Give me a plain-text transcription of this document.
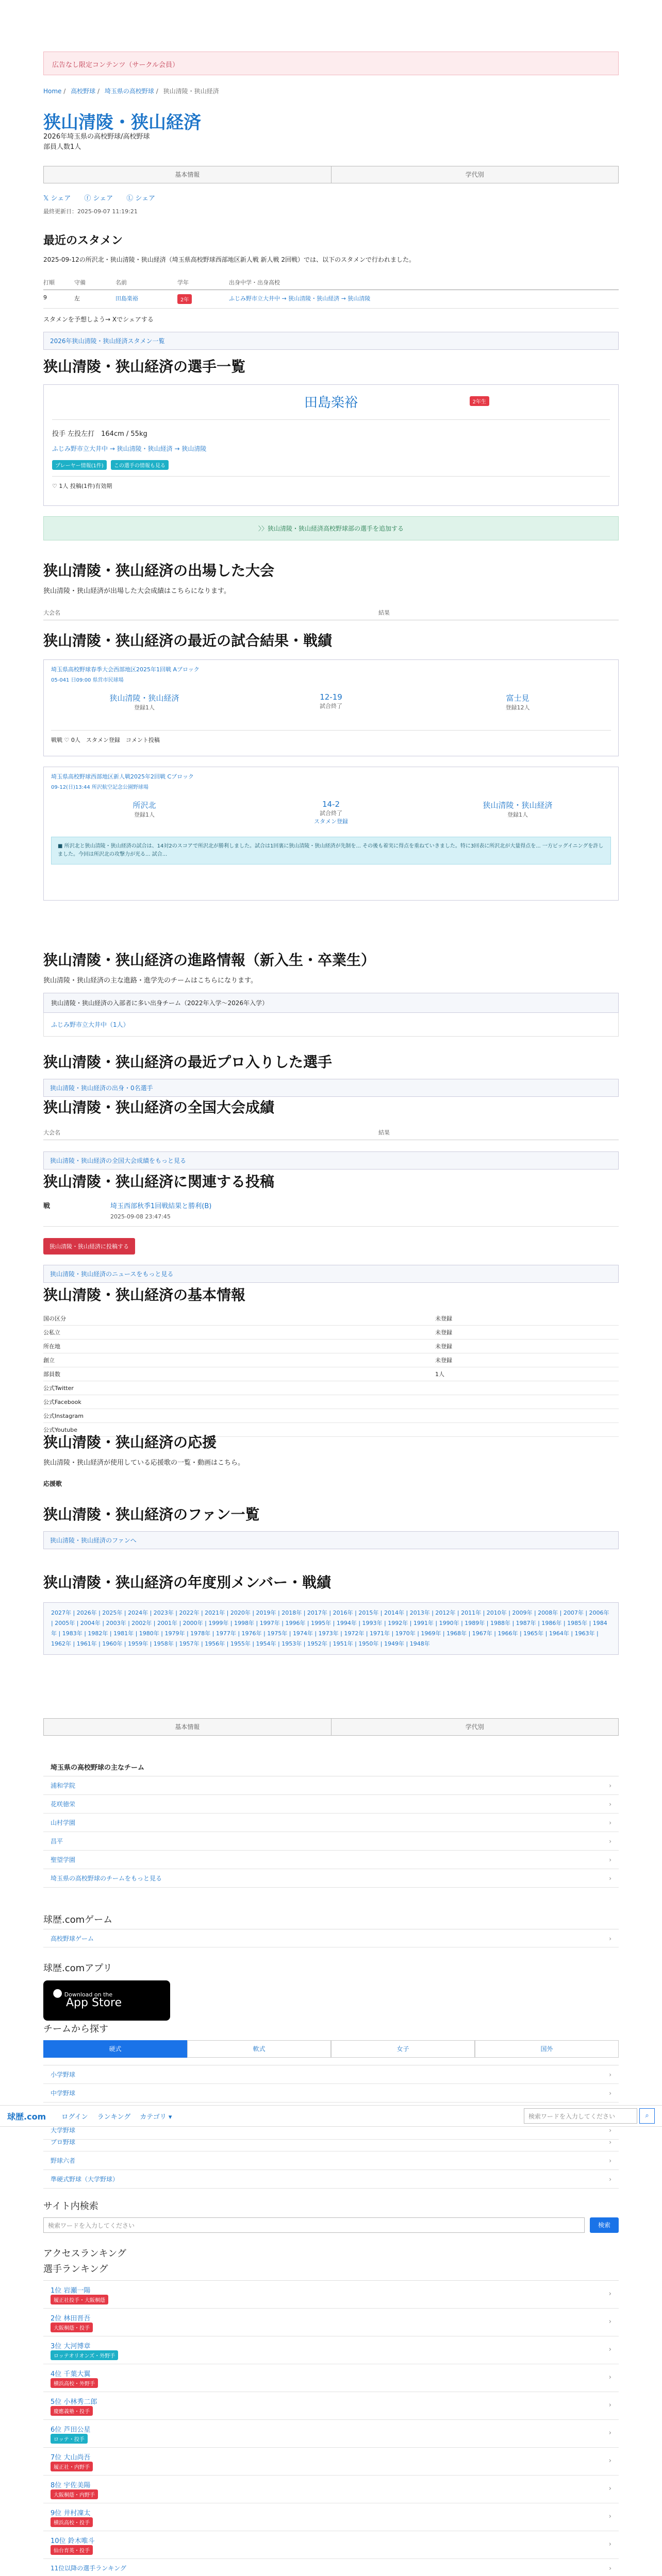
広告なし限定コンテンツ（サークル会員）
Home / 高校野球 / 埼玉県の高校野球 / 狭山清陵・狭山経済
狭山清陵・狭山経済
2026年埼玉県の高校野球/高校野球
部員人数1人
基本情報	学代別
𝕏 シェア ⓕ シェア Ⓛ シェア
最終更新日：2025-09-07 11:19:21
最近のスタメン
2025-09-12の所沢北・狭山清陵・狭山経済（埼玉県高校野球西部地区新人戦 新人戦 2回戦）では、以下のスタメンで行われました。
打順	守備	名前	学年	出身中学・出身高校
9	左	田島楽裕	2年	ふじみ野市立大井中 → 狭山清陵・狭山経済 → 狭山清陵
スタメンを予想しよう→ Xでシェアする
2026年狭山清陵・狭山経済スタメン一覧
狭山清陵・狭山経済の選手一覧
田島楽裕	2年生
投手 左投左打　164cm / 55kg
ふじみ野市立大井中 → 狭山清陵・狭山経済 → 狭山清陵
プレーヤー情報(1件) この選手の情報も見る
♡ 1人 投稿(1件)有効期
〉〉狭山清陵・狭山経済高校野球部の選手を追加する
狭山清陵・狭山経済の出場した大会
狭山清陵・狭山経済が出場した大会成績はこちらになります。
大会名	結果
狭山清陵・狭山経済の最近の試合結果・戦績
埼玉県高校野球春季大会西部地区2025年1回戦 Aブロック
05-041 日09:00 県営市民球場
狭山清陵・狭山経済
登録1人
12-19
試合終了
富士見
登録12人
戦戦 ♡ 0人　スタメン登録　コメント投稿
埼玉県高校野球西部地区新人戦2025年2回戦 Cブロック
09-12(日)13:44 所沢航空記念公園野球場
所沢北
登録1人
14-2
試合終了
スタメン登録
狭山清陵・狭山経済
登録1人
■ 所沢北と狭山清陵・狭山経済の試合は、14対2のスコアで所沢北が勝利しました。試合は1回裏に狭山清陵・狭山経済が先制を... その後も着実に得点を重ねていきました。特に3回表に所沢北が大量得点を... 一方ビッグイニングを許しました。今回は所沢北の攻撃力が光る... 試合...
狭山清陵・狭山経済の進路情報（新入生・卒業生）
狭山清陵・狭山経済の主な進路・進学先のチームはこちらになります。
狭山清陵・狭山経済の入部者に多い出身チーム（2022年入学〜2026年入学）
ふじみ野市立大井中（1人）
狭山清陵・狭山経済の最近プロ入りした選手
狭山清陵・狭山経済の出身・0名選手
狭山清陵・狭山経済の全国大会成績
大会名	結果
狭山清陵・狭山経済の全国大会成績をもっと見る
狭山清陵・狭山経済に関連する投稿
戦	埼玉西部秋季1回戦結果と勝利(B)
2025-09-08 23:47:45
狭山清陵・狭山経済に投稿する
狭山清陵・狭山経済のニュースをもっと見る
狭山清陵・狭山経済の基本情報
国の区分	未登録
公私立	未登録
所在地	未登録
創立	未登録
部員数	1人
公式Twitter
公式Facebook
公式Instagram
公式Youtube
狭山清陵・狭山経済の応援
狭山清陵・狭山経済が使用している応援歌の一覧・動画はこちら。
応援歌
狭山清陵・狭山経済のファン一覧
狭山清陵・狭山経済のファンへ
狭山清陵・狭山経済の年度別メンバー・戦績
2027年 | 2026年 | 2025年 | 2024年 | 2023年 | 2022年 | 2021年 | 2020年 | 2019年 | 2018年 | 2017年 | 2016年 | 2015年 | 2014年 | 2013年 | 2012年 | 2011年 | 2010年 | 2009年 | 2008年 | 2007年 | 2006年 | 2005年 | 2004年 | 2003年 | 2002年 | 2001年 | 2000年 | 1999年 | 1998年 | 1997年 | 1996年 | 1995年 | 1994年 | 1993年 | 1992年 | 1991年 | 1990年 | 1989年 | 1988年 | 1987年 | 1986年 | 1985年 | 1984年 | 1983年 | 1982年 | 1981年 | 1980年 | 1979年 | 1978年 | 1977年 | 1976年 | 1975年 | 1974年 | 1973年 | 1972年 | 1971年 | 1970年 | 1969年 | 1968年 | 1967年 | 1966年 | 1965年 | 1964年 | 1963年 | 1962年 | 1961年 | 1960年 | 1959年 | 1958年 | 1957年 | 1956年 | 1955年 | 1954年 | 1953年 | 1952年 | 1951年 | 1950年 | 1949年 | 1948年
基本情報	学代別
埼玉県の高校野球の主なチーム
浦和学院 ›
花咲徳栄 ›
山村学園 ›
昌平 ›
聖望学園 ›
埼玉県の高校野球のチームをもっと見る ›
球歴.comゲーム
高校野球ゲーム ›
球歴.comアプリ
● Download on the
App Store
チームから探す
硬式	軟式	女子	国外
小学野球 ›
中学野球 ›
›
大学野球 ›
球歴.com ログイン ランキング カテゴリ ▾	検索ワードを入力してください	⌕
プロ野球 ›
野球六者 ›
準硬式野球（大学野球） ›
サイト内検索
検索ワードを入力してください	検索
アクセスランキング
選手ランキング
1位 岩瀬一陽
履正社投手・大阪桐蔭 ›
2位 林田晋吾
大阪桐蔭・投手 ›
3位 大河博章
ロッテオリオンズ・外野手 ›
4位 千葉大翼
横浜高校・外野手 ›
5位 小林秀二郎
慶應義塾・投手 ›
6位 芦田公星
ロッテ・投手 ›
7位 大山尚吾
履正社・内野手 ›
8位 宇佐美陽
大阪桐蔭・内野手 ›
9位 井村凜太
横浜高校・投手 ›
10位 鈴木唯斗
仙台育英・投手 ›
11位以降の選手ランキング ›
